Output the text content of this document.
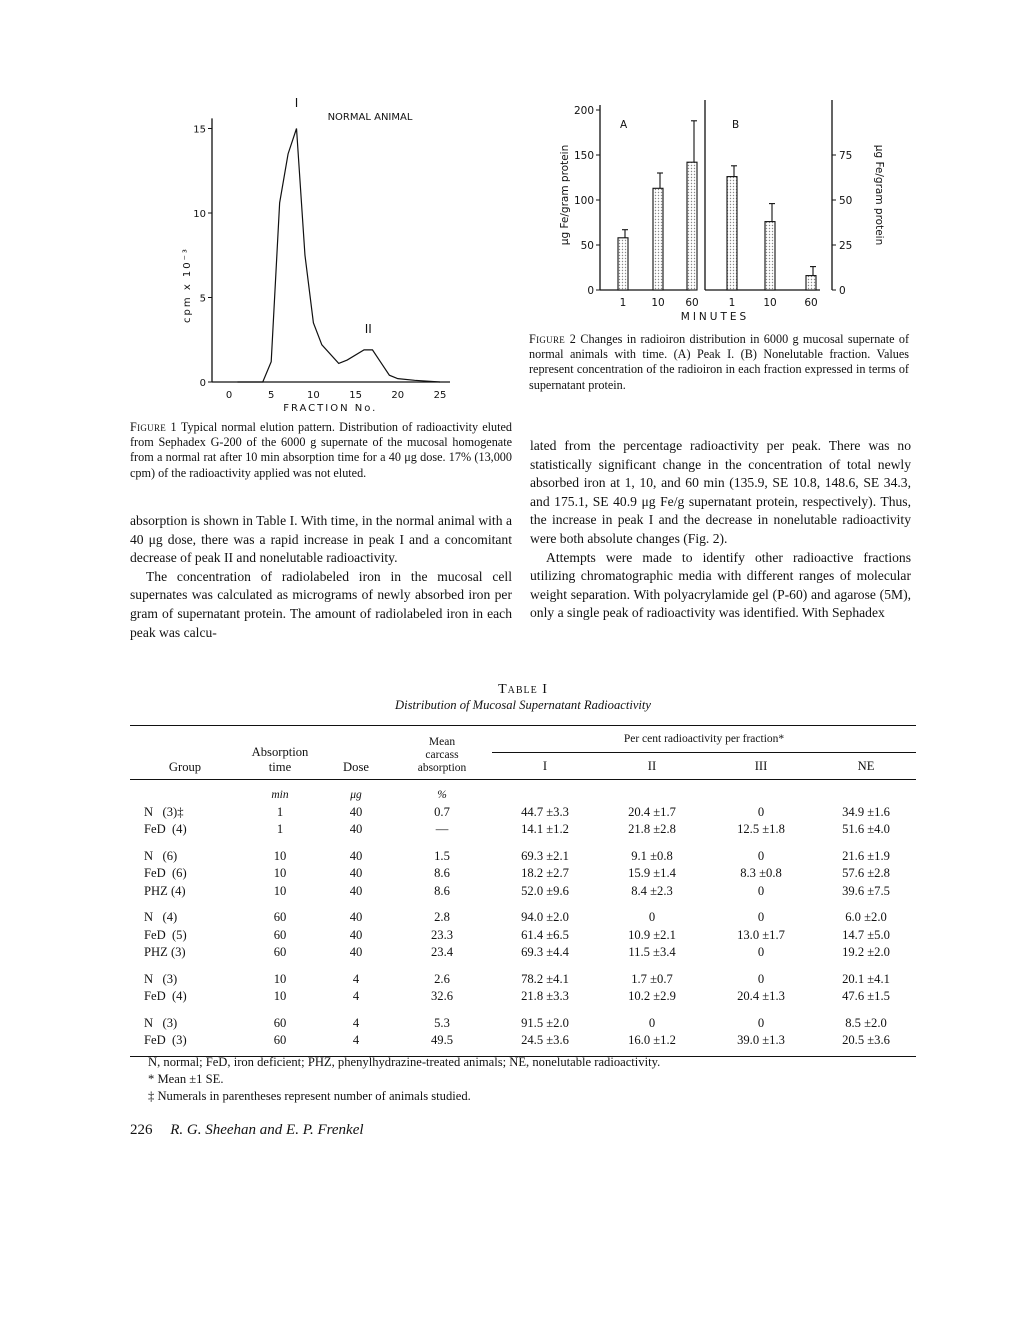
0
5
10
15
0	5	10	15	20	25
FRACTION No.
cpm x 10⁻³
NORMAL ANIMAL
I
II
0
50
100
150
200
A
1 10 60
0
25
50
75
B
1	10	60
μg Fe/gram protein	μg Fe/gram protein
MINUTES
Figure 1 Typical normal elution pattern. Distribution of radioactivity eluted from Sephadex G-200 of the 6000 g supernate of the mucosal homogenate from a normal rat after 10 min absorption time for a 40 μg dose. 17% (13,000 cpm) of the radioactivity applied was not eluted.
Figure 2 Changes in radioiron distribution in 6000 g mucosal supernate of normal animals with time. (A) Peak I. (B) Nonelutable fraction. Values represent concentration of the radioiron in each fraction expressed in terms of supernatant protein.

absorption is shown in Table I. With time, in the normal animal with a 40 μg dose, there was a rapid increase in peak I and a concomitant decrease of peak II and nonelutable radioactivity.

The concentration of radiolabeled iron in the mucosal cell supernates was calculated as micrograms of newly absorbed iron per gram of supernatant protein. The amount of radiolabeled iron in each peak was calcu-

lated from the percentage radioactivity per peak. There was no statistically significant change in the concentration of total newly absorbed iron at 1, 10, and 60 min (135.9, SE 10.8, 148.6, SE 34.3, and 175.1, SE 40.9 μg Fe/g supernatant protein, respectively). Thus, the increase in peak I and the decrease in nonelutable radioactivity were both absolute changes (Fig. 2).

Attempts were made to identify other radioactive fractions utilizing chromatographic media with different ranges of molecular weight separation. With polyacrylamide gel (P-60) and agarose (5M), only a single peak of radioactivity was identified. With Sephadex

Table I
Distribution of Mucosal Supernatant Radioactivity
Group	Absorption time	Dose	Mean carcass absorption	Per cent radioactivity per fraction*			
				I	II	III	NE

	min	μg	%				
N   (3)‡	1	40	0.7	44.7 ±3.3	20.4 ±1.7	0	34.9 ±1.6
FeD  (4)	1	40	—	14.1 ±1.2	21.8 ±2.8	12.5 ±1.8	51.6 ±4.0

N   (6)	10	40	1.5	69.3 ±2.1	9.1 ±0.8	0	21.6 ±1.9
FeD  (6)	10	40	8.6	18.2 ±2.7	15.9 ±1.4	8.3 ±0.8	57.6 ±2.8
PHZ (4)	10	40	8.6	52.0 ±9.6	8.4 ±2.3	0	39.6 ±7.5

N   (4)	60	40	2.8	94.0 ±2.0	0	0	6.0 ±2.0
FeD  (5)	60	40	23.3	61.4 ±6.5	10.9 ±2.1	13.0 ±1.7	14.7 ±5.0
PHZ (3)	60	40	23.4	69.3 ±4.4	11.5 ±3.4	0	19.2 ±2.0

N   (3)	10	4	2.6	78.2 ±4.1	1.7 ±0.7	0	20.1 ±4.1
FeD  (4)	10	4	32.6	21.8 ±3.3	10.2 ±2.9	20.4 ±1.3	47.6 ±1.5

N   (3)	60	4	5.3	91.5 ±2.0	0	0	8.5 ±2.0
FeD  (3)	60	4	49.5	24.5 ±3.6	16.0 ±1.2	39.0 ±1.3	20.5 ±3.6
N, normal; FeD, iron deficient; PHZ, phenylhydrazine-treated animals; NE, nonelutable radioactivity.
* Mean ±1 SE.
‡ Numerals in parentheses represent number of animals studied.
226 R. G. Sheehan and E. P. Frenkel
